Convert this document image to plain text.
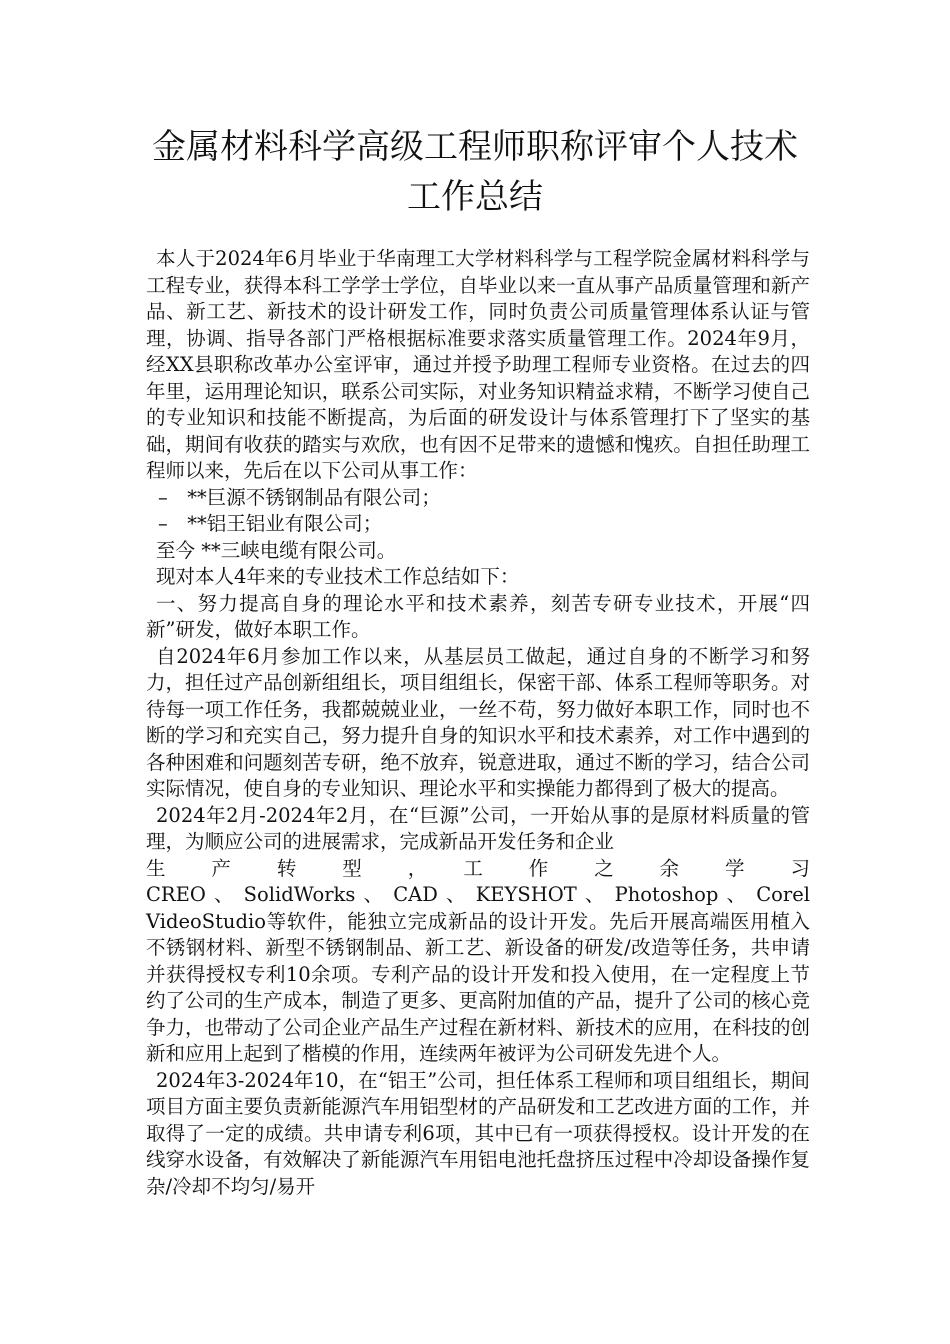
金属材料科学高级工程师职称评审个人技术工作总结

本人于2024年6月毕业于华南理工大学材料科学与工程学院金属材料科学与工程专业，获得本科工学学士学位，自毕业以来一直从事产品质量管理和新产品、新工艺、新技术的设计研发工作，同时负责公司质量管理体系认证与管理，协调、指导各部门严格根据标准要求落实质量管理工作。2024年9月，经XX县职称改革办公室评审，通过并授予助理工程师专业资格。在过去的四年里，运用理论知识，联系公司实际，对业务知识精益求精，不断学习使自己的专业知识和技能不断提高，为后面的研发设计与体系管理打下了坚实的基础，期间有收获的踏实与欢欣，也有因不足带来的遗憾和愧疚。自担任助理工程师以来，先后在以下公司从事工作：

–　**巨源不锈钢制品有限公司；

–　**铝王铝业有限公司；

至今 **三峡电缆有限公司。

现对本人4年来的专业技术工作总结如下：

一、努力提高自身的理论水平和技术素养，刻苦专研专业技术，开展“四新”研发，做好本职工作。

自2024年6月参加工作以来，从基层员工做起，通过自身的不断学习和努力，担任过产品创新组组长，项目组组长，保密干部、体系工程师等职务。对待每一项工作任务，我都兢兢业业，一丝不苟，努力做好本职工作，同时也不断的学习和充实自己，努力提升自身的知识水平和技术素养，对工作中遇到的各种困难和问题刻苦专研，绝不放弃，锐意进取，通过不断的学习，结合公司实际情况，使自身的专业知识、理论水平和实操能力都得到了极大的提高。

2024年2月-2024年2月，在“巨源”公司，一开始从事的是原材料质量的管理，为顺应公司的进展需求，完成新品开发任务和企业

生　产　转　型　，　工　作　之　余　学　习

CREO 、 SolidWorks 、 CAD 、 KEYSHOT 、 Photoshop 、 Corel

VideoStudio等软件，能独立完成新品的设计开发。先后开展高端医用植入不锈钢材料、新型不锈钢制品、新工艺、新设备的研发/改造等任务，共申请并获得授权专利10余项。专利产品的设计开发和投入使用，在一定程度上节约了公司的生产成本，制造了更多、更高附加值的产品，提升了公司的核心竞争力，也带动了公司企业产品生产过程在新材料、新技术的应用，在科技的创新和应用上起到了楷模的作用，连续两年被评为公司研发先进个人。

2024年3-2024年10，在“铝王”公司，担任体系工程师和项目组组长，期间项目方面主要负责新能源汽车用铝型材的产品研发和工艺改进方面的工作，并取得了一定的成绩。共申请专利6项，其中已有一项获得授权。设计开发的在线穿水设备，有效解决了新能源汽车用铝电池托盘挤压过程中冷却设备操作复杂/冷却不均匀/易开
